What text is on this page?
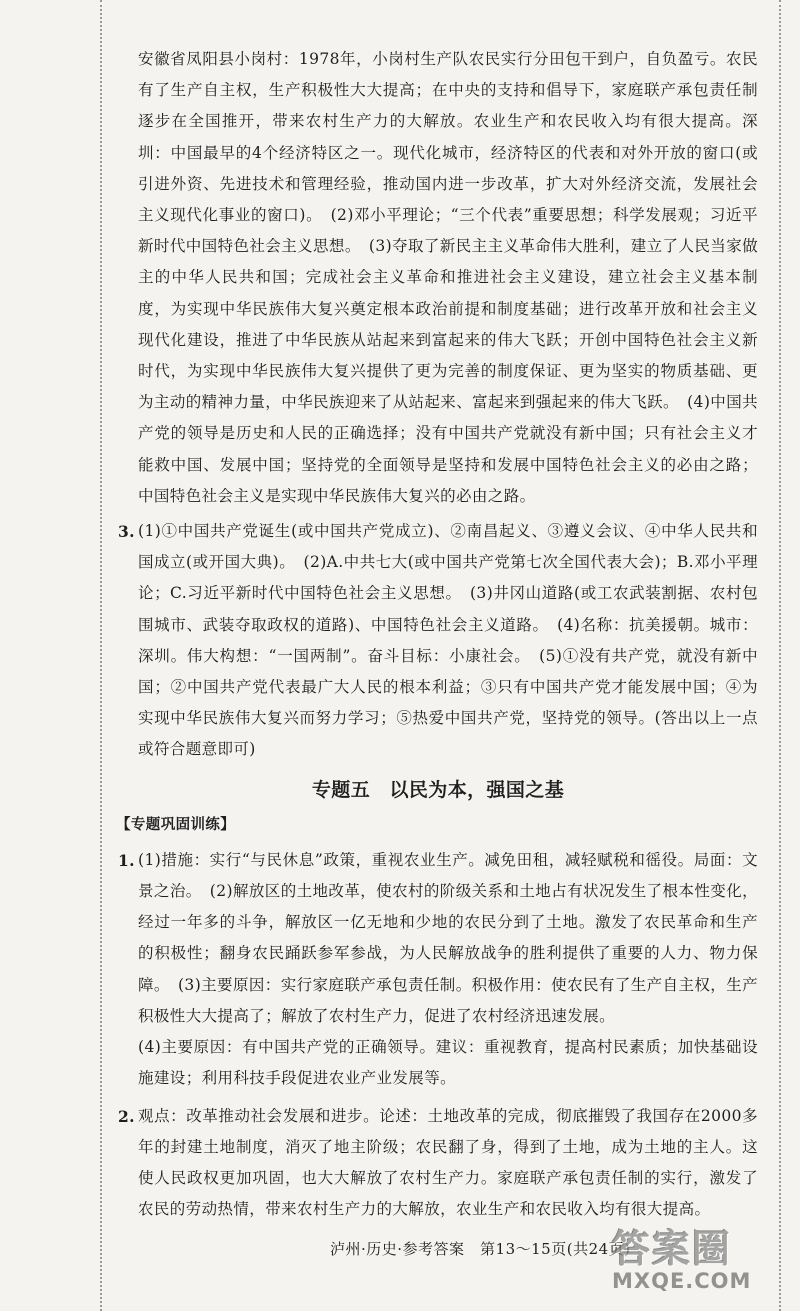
安徽省凤阳县小岗村：1978年，小岗村生产队农民实行分田包干到户，自负盈亏。农民有了生产自主权，生产积极性大大提高；在中央的支持和倡导下，家庭联产承包责任制逐步在全国推开，带来农村生产力的大解放。农业生产和农民收入均有很大提高。深圳：中国最早的4个经济特区之一。现代化城市，经济特区的代表和对外开放的窗口(或引进外资、先进技术和管理经验，推动国内进一步改革，扩大对外经济交流，发展社会主义现代化事业的窗口)。　(2)邓小平理论；“三个代表”重要思想；科学发展观；习近平新时代中国特色社会主义思想。　(3)夺取了新民主主义革命伟大胜利，建立了人民当家做主的中华人民共和国；完成社会主义革命和推进社会主义建设，建立社会主义基本制度，为实现中华民族伟大复兴奠定根本政治前提和制度基础；进行改革开放和社会主义现代化建设，推进了中华民族从站起来到富起来的伟大飞跃；开创中国特色社会主义新时代，为实现中华民族伟大复兴提供了更为完善的制度保证、更为坚实的物质基础、更为主动的精神力量，中华民族迎来了从站起来、富起来到强起来的伟大飞跃。　(4)中国共产党的领导是历史和人民的正确选择；没有中国共产党就没有新中国；只有社会主义才能救中国、发展中国；坚持党的全面领导是坚持和发展中国特色社会主义的必由之路；中国特色社会主义是实现中华民族伟大复兴的必由之路。

3. (1)①中国共产党诞生(或中国共产党成立)、②南昌起义、③遵义会议、④中华人民共和国成立(或开国大典)。　(2)A.中共七大(或中国共产党第七次全国代表大会)；B.邓小平理论；C.习近平新时代中国特色社会主义思想。　(3)井冈山道路(或工农武装割据、农村包围城市、武装夺取政权的道路)、中国特色社会主义道路。　(4)名称：抗美援朝。城市：深圳。伟大构想：“一国两制”。奋斗目标：小康社会。　(5)①没有共产党，就没有新中国；②中国共产党代表最广大人民的根本利益；③只有中国共产党才能发展中国；④为实现中华民族伟大复兴而努力学习；⑤热爱中国共产党，坚持党的领导。(答出以上一点或符合题意即可)
专题五　以民为本，强国之基
【专题巩固训练】
1. (1)措施：实行“与民休息”政策，重视农业生产。减免田租，减轻赋税和徭役。局面：文景之治。　(2)解放区的土地改革，使农村的阶级关系和土地占有状况发生了根本性变化，经过一年多的斗争，解放区一亿无地和少地的农民分到了土地。激发了农民革命和生产的积极性；翻身农民踊跃参军参战，为人民解放战争的胜利提供了重要的人力、物力保障。　(3)主要原因：实行家庭联产承包责任制。积极作用：使农民有了生产自主权，生产积极性大大提高了；解放了农村生产力，促进了农村经济迅速发展。
(4)主要原因：有中国共产党的正确领导。建议：重视教育，提高村民素质；加快基础设施建设；利用科技手段促进农业产业发展等。
2. 观点：改革推动社会发展和进步。论述：土地改革的完成，彻底摧毁了我国存在2000多年的封建土地制度，消灭了地主阶级；农民翻了身，得到了土地，成为土地的主人。这使人民政权更加巩固，也大大解放了农村生产力。家庭联产承包责任制的实行，激发了农民的劳动热情，带来农村生产力的大解放，农业生产和农民收入均有很大提高。
泸州·历史·参考答案　第13～15页(共24页)
答案圈
MXQE.COM
